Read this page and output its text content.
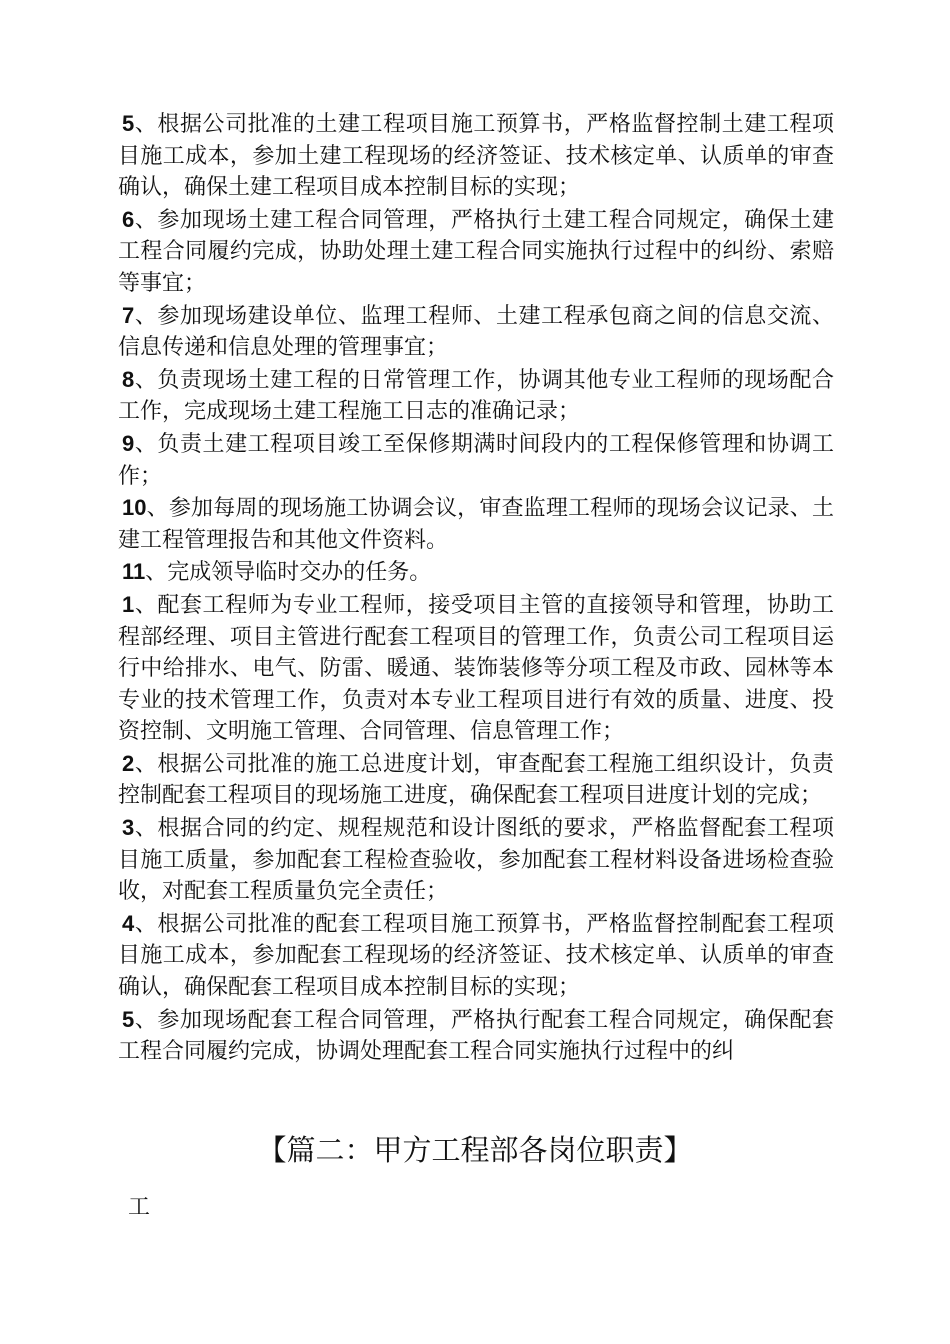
5、根据公司批准的土建工程项目施工预算书，严格监督控制土建工程项目施工成本，参加土建工程现场的经济签证、技术核定单、认质单的审查确认，确保土建工程项目成本控制目标的实现；

6、参加现场土建工程合同管理，严格执行土建工程合同规定，确保土建工程合同履约完成，协助处理土建工程合同实施执行过程中的纠纷、索赔等事宜；

7、参加现场建设单位、监理工程师、土建工程承包商之间的信息交流、信息传递和信息处理的管理事宜；

8、负责现场土建工程的日常管理工作，协调其他专业工程师的现场配合工作，完成现场土建工程施工日志的准确记录；

9、负责土建工程项目竣工至保修期满时间段内的工程保修管理和协调工作；

10、参加每周的现场施工协调会议，审查监理工程师的现场会议记录、土建工程管理报告和其他文件资料。

11、完成领导临时交办的任务。

1、配套工程师为专业工程师，接受项目主管的直接领导和管理，协助工程部经理、项目主管进行配套工程项目的管理工作，负责公司工程项目运行中给排水、电气、防雷、暖通、装饰装修等分项工程及市政、园林等本专业的技术管理工作，负责对本专业工程项目进行有效的质量、进度、投资控制、文明施工管理、合同管理、信息管理工作；

2、根据公司批准的施工总进度计划，审查配套工程施工组织设计，负责控制配套工程项目的现场施工进度，确保配套工程项目进度计划的完成；

3、根据合同的约定、规程规范和设计图纸的要求，严格监督配套工程项目施工质量，参加配套工程检查验收，参加配套工程材料设备进场检查验收，对配套工程质量负完全责任；

4、根据公司批准的配套工程项目施工预算书，严格监督控制配套工程项目施工成本，参加配套工程现场的经济签证、技术核定单、认质单的审查确认，确保配套工程项目成本控制目标的实现；

5、参加现场配套工程合同管理，严格执行配套工程合同规定，确保配套工程合同履约完成，协调处理配套工程合同实施执行过程中的纠

【篇二：甲方工程部各岗位职责】
工
